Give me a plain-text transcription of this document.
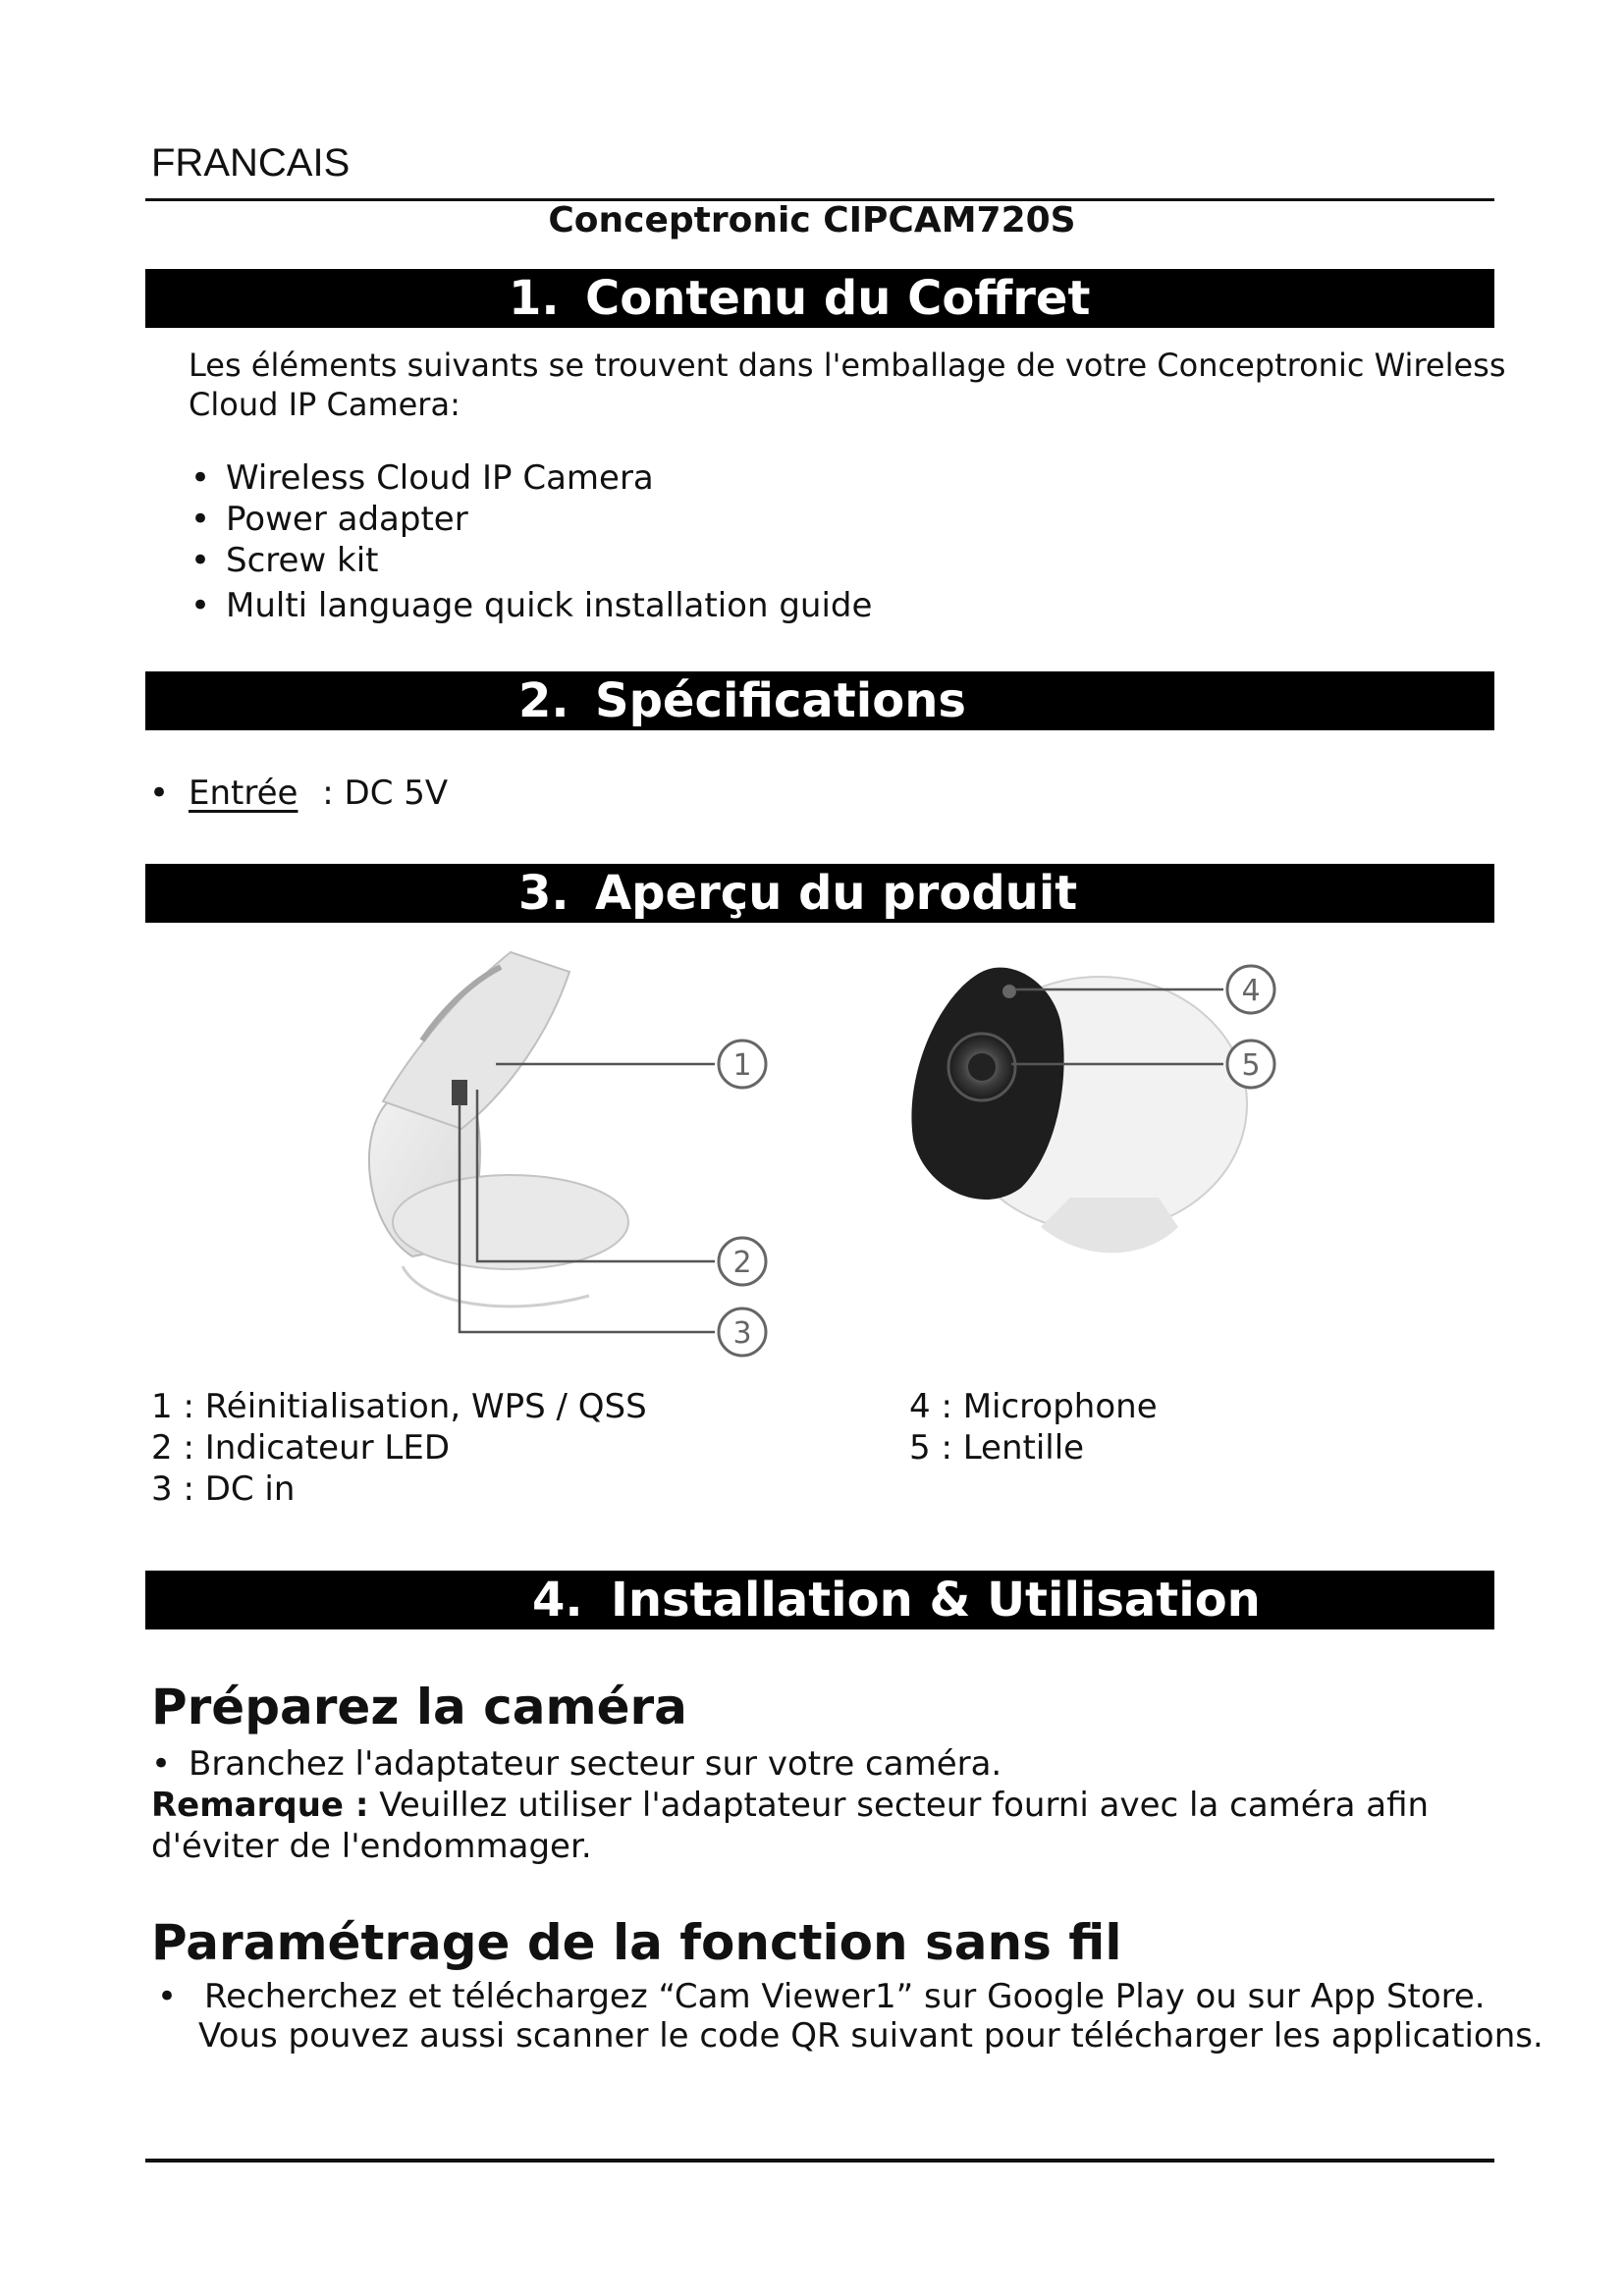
FRANCAIS
Conceptronic CIPCAM720S
1. Contenu du Coffret
Les éléments suivants se trouvent dans l'emballage de votre Conceptronic Wireless
Cloud IP Camera:
• Wireless Cloud IP Camera
• Power adapter
• Screw kit
• Multi language quick installation guide
2. Spécifications
• Entrée : DC 5V
3. Aperçu du produit
1
2
3
4
5
1 : Réinitialisation, WPS / QSS
2 : Indicateur LED
3 : DC in
4 : Microphone
5 : Lentille
4. Installation & Utilisation
Préparez la caméra
• Branchez l'adaptateur secteur sur votre caméra.
Remarque : Veuillez utiliser l'adaptateur secteur fourni avec la caméra afin
d'éviter de l'endommager.
Paramétrage de la fonction sans fil
• Recherchez et téléchargez “Cam Viewer1” sur Google Play ou sur App Store.
Vous pouvez aussi scanner le code QR suivant pour télécharger les applications.
